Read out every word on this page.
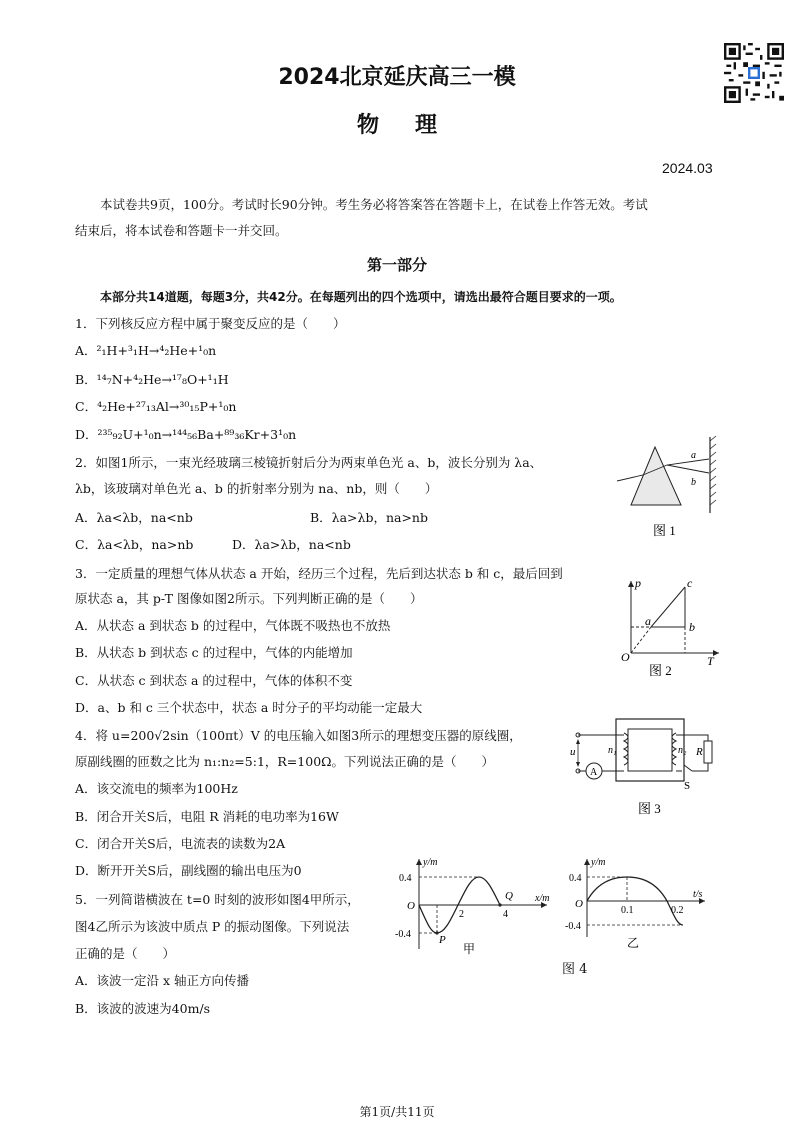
2024北京延庆高三一模
物理
2024.03
本试卷共9页，100分。考试时长90分钟。考生务必将答案答在答题卡上，在试卷上作答无效。考试
结束后，将本试卷和答题卡一并交回。
第一部分
本部分共14道题，每题3分，共42分。在每题列出的四个选项中，请选出最符合题目要求的一项。
1．下列核反应方程中属于聚变反应的是（　　）
A．²₁H+³₁H→⁴₂He+¹₀n
B．¹⁴₇N+⁴₂He→¹⁷₈O+¹₁H
C．⁴₂He+²⁷₁₃Al→³⁰₁₅P+¹₀n
D．²³⁵₉₂U+¹₀n→¹⁴⁴₅₆Ba+⁸⁹₃₆Kr+3¹₀n
2．如图1所示，一束光经玻璃三棱镜折射后分为两束单色光 a、b，波长分别为 λa、
λb，该玻璃对单色光 a、b 的折射率分别为 na、nb，则（　　）
A．λa<λb，na<nb	B．λa>λb，na>nb
C．λa<λb，na>nb	D．λa>λb，na<nb
a
b
图 1
3．一定质量的理想气体从状态 a 开始，经历三个过程，先后到达状态 b 和 c，最后回到
原状态 a，其 p-T 图像如图2所示。下列判断正确的是（　　）
A．从状态 a 到状态 b 的过程中，气体既不吸热也不放热
B．从状态 b 到状态 c 的过程中，气体的内能增加
C．从状态 c 到状态 a 的过程中，气体的体积不变
D．a、b 和 c 三个状态中，状态 a 时分子的平均动能一定最大
p
T
O
a	b
c
图 2
4．将 u=200√2sin（100πt）V 的电压输入如图3所示的理想变压器的原线圈，
原副线圈的匝数之比为 n₁:n₂=5:1，R=100Ω。下列说法正确的是（　　）
A．该交流电的频率为100Hz
B．闭合开关S后，电阻 R 消耗的电功率为16W
C．闭合开关S后，电流表的读数为2A
D．断开开关S后，副线圈的输出电压为0
u	n₁	n₂ R
S
A
图 3
5．一列简谐横波在 t=0 时刻的波形如图4甲所示，
图4乙所示为该波中质点 P 的振动图像。下列说法
正确的是（　　）
A．该波一定沿 x 轴正方向传播
B．该波的波速为40m/s
0.4
-0.4
y/m
x/m
O
2	4
P
Q
甲
0.4
-0.4
y/m
t/s
O
0.1	0.2
乙
图 4
第1页/共11页
